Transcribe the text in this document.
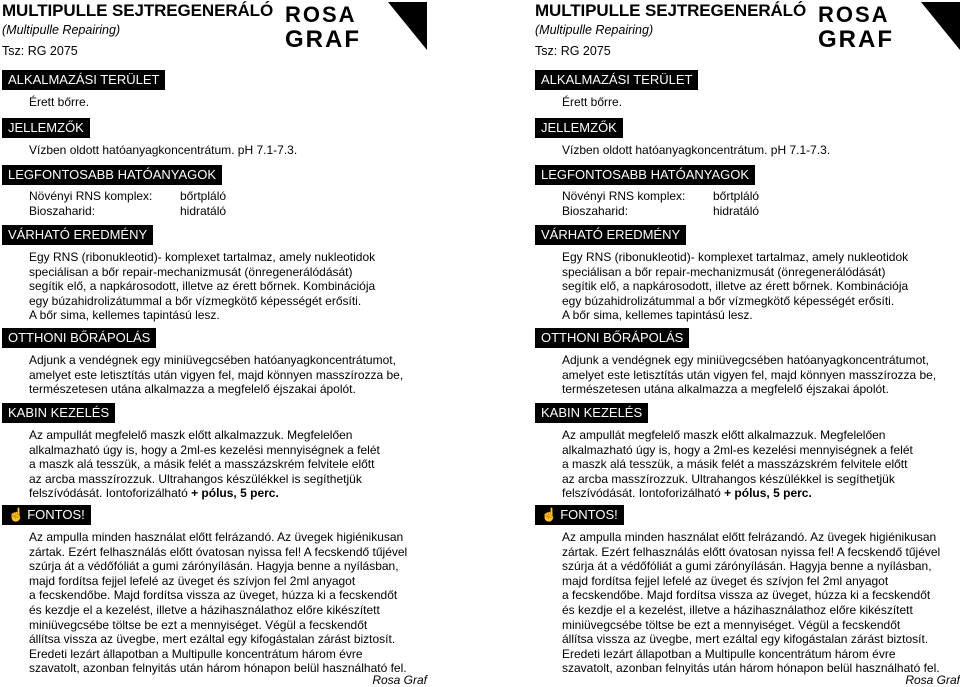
MULTIPULLE SEJTREGENERÁLÓ
(Multipulle Repairing)
Tsz: RG 2075
ROSA
GRAF
ALKALMAZÁSI TERÜLET
Érett bőrre.
JELLEMZŐK
Vízben oldott hatóanyagkoncentrátum. pH 7.1-7.3.
LEGFONTOSABB HATÓANYAGOK
Növényi RNS komplex: bőrtpláló
Bioszaharid:	hidratáló
VÁRHATÓ EREDMÉNY
Egy RNS (ribonukleotid)- komplexet tartalmaz, amely nukleotidok
speciálisan a bőr repair-mechanizmusát (önregenerálódását)
segítik elő, a napkárosodott, illetve az érett bőrnek. Kombinációja
egy búzahidrolizátummal a bőr vízmegkötő képességét erősíti.
A bőr sima, kellemes tapintású lesz.
OTTHONI BŐRÁPOLÁS
Adjunk a vendégnek egy miniüvegcsében hatóanyagkoncentrátumot,
amelyet este letisztítás után vigyen fel, majd könnyen masszírozza be,
természetesen utána alkalmazza a megfelelő éjszakai ápolót.
KABIN KEZELÉS
Az ampullát megfelelő maszk előtt alkalmazzuk. Megfelelően
alkalmazható úgy is, hogy a 2ml-es kezelési mennyiségnek a felét
a maszk alá tesszük, a másik felét a masszázskrém felvitele előtt
az arcba masszírozzuk. Ultrahangos készülékkel is segíthetjük
felszívódását. Iontoforizálható + pólus, 5 perc.
☝ FONTOS!
Az ampulla minden használat előtt felrázandó. Az üvegek higiénikusan
zártak. Ezért felhasználás előtt óvatosan nyissa fel! A fecskendő tűjével
szúrja át a védőfóliát a gumi zárónyílásán. Hagyja benne a nyílásban,
majd fordítsa fejjel lefelé az üveget és szívjon fel 2ml anyagot
a fecskendőbe. Majd fordítsa vissza az üveget, húzza ki a fecskendőt
és kezdje el a kezelést, illetve a házihasználathoz előre kikészített
miniüvegcsébe töltse be ezt a mennyiséget. Végül a fecskendőt
állítsa vissza az üvegbe, mert ezáltal egy kifogástalan zárást biztosít.
Eredeti lezárt állapotban a Multipulle koncentrátum három évre
szavatolt, azonban felnyitás után három hónapon belül használható fel.
Rosa Graf
MULTIPULLE SEJTREGENERÁLÓ
(Multipulle Repairing)
Tsz: RG 2075
ROSA
GRAF
ALKALMAZÁSI TERÜLET
Érett bőrre.
JELLEMZŐK
Vízben oldott hatóanyagkoncentrátum. pH 7.1-7.3.
LEGFONTOSABB HATÓANYAGOK
Növényi RNS komplex: bőrtpláló
Bioszaharid:	hidratáló
VÁRHATÓ EREDMÉNY
Egy RNS (ribonukleotid)- komplexet tartalmaz, amely nukleotidok
speciálisan a bőr repair-mechanizmusát (önregenerálódását)
segítik elő, a napkárosodott, illetve az érett bőrnek. Kombinációja
egy búzahidrolizátummal a bőr vízmegkötő képességét erősíti.
A bőr sima, kellemes tapintású lesz.
OTTHONI BŐRÁPOLÁS
Adjunk a vendégnek egy miniüvegcsében hatóanyagkoncentrátumot,
amelyet este letisztítás után vigyen fel, majd könnyen masszírozza be,
természetesen utána alkalmazza a megfelelő éjszakai ápolót.
KABIN KEZELÉS
Az ampullát megfelelő maszk előtt alkalmazzuk. Megfelelően
alkalmazható úgy is, hogy a 2ml-es kezelési mennyiségnek a felét
a maszk alá tesszük, a másik felét a masszázskrém felvitele előtt
az arcba masszírozzuk. Ultrahangos készülékkel is segíthetjük
felszívódását. Iontoforizálható + pólus, 5 perc.
☝ FONTOS!
Az ampulla minden használat előtt felrázandó. Az üvegek higiénikusan
zártak. Ezért felhasználás előtt óvatosan nyissa fel! A fecskendő tűjével
szúrja át a védőfóliát a gumi zárónyílásán. Hagyja benne a nyílásban,
majd fordítsa fejjel lefelé az üveget és szívjon fel 2ml anyagot
a fecskendőbe. Majd fordítsa vissza az üveget, húzza ki a fecskendőt
és kezdje el a kezelést, illetve a házihasználathoz előre kikészített
miniüvegcsébe töltse be ezt a mennyiséget. Végül a fecskendőt
állítsa vissza az üvegbe, mert ezáltal egy kifogástalan zárást biztosít.
Eredeti lezárt állapotban a Multipulle koncentrátum három évre
szavatolt, azonban felnyitás után három hónapon belül használható fel.
Rosa Graf
